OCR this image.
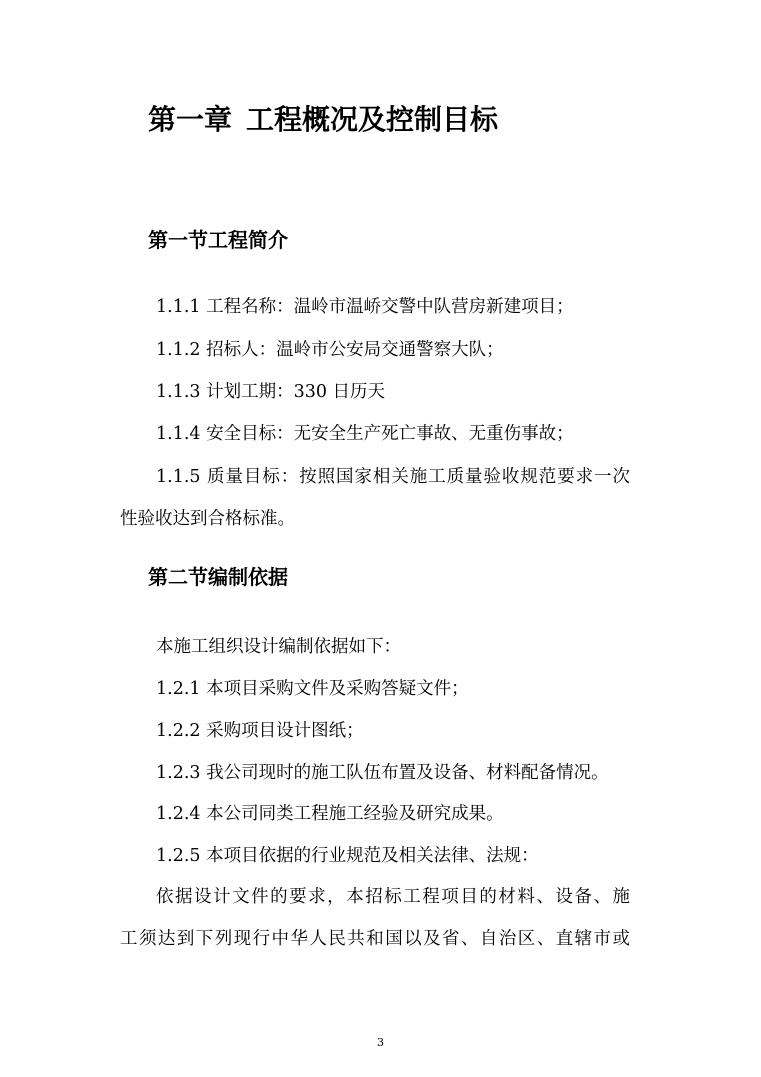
第一章 工程概况及控制目标
第一节工程简介

1.1.1 工程名称：温岭市温峤交警中队营房新建项目；

1.1.2 招标人：温岭市公安局交通警察大队；

1.1.3 计划工期：330 日历天

1.1.4 安全目标：无安全生产死亡事故、无重伤事故；

1.1.5 质量目标：按照国家相关施工质量验收规范要求一次

性验收达到合格标准。

第二节编制依据

本施工组织设计编制依据如下：

1.2.1 本项目采购文件及采购答疑文件；

1.2.2 采购项目设计图纸；

1.2.3 我公司现时的施工队伍布置及设备、材料配备情况。

1.2.4 本公司同类工程施工经验及研究成果。

1.2.5 本项目依据的行业规范及相关法律、法规：

依据设计文件的要求，本招标工程项目的材料、设备、施

工须达到下列现行中华人民共和国以及省、自治区、直辖市或

3
